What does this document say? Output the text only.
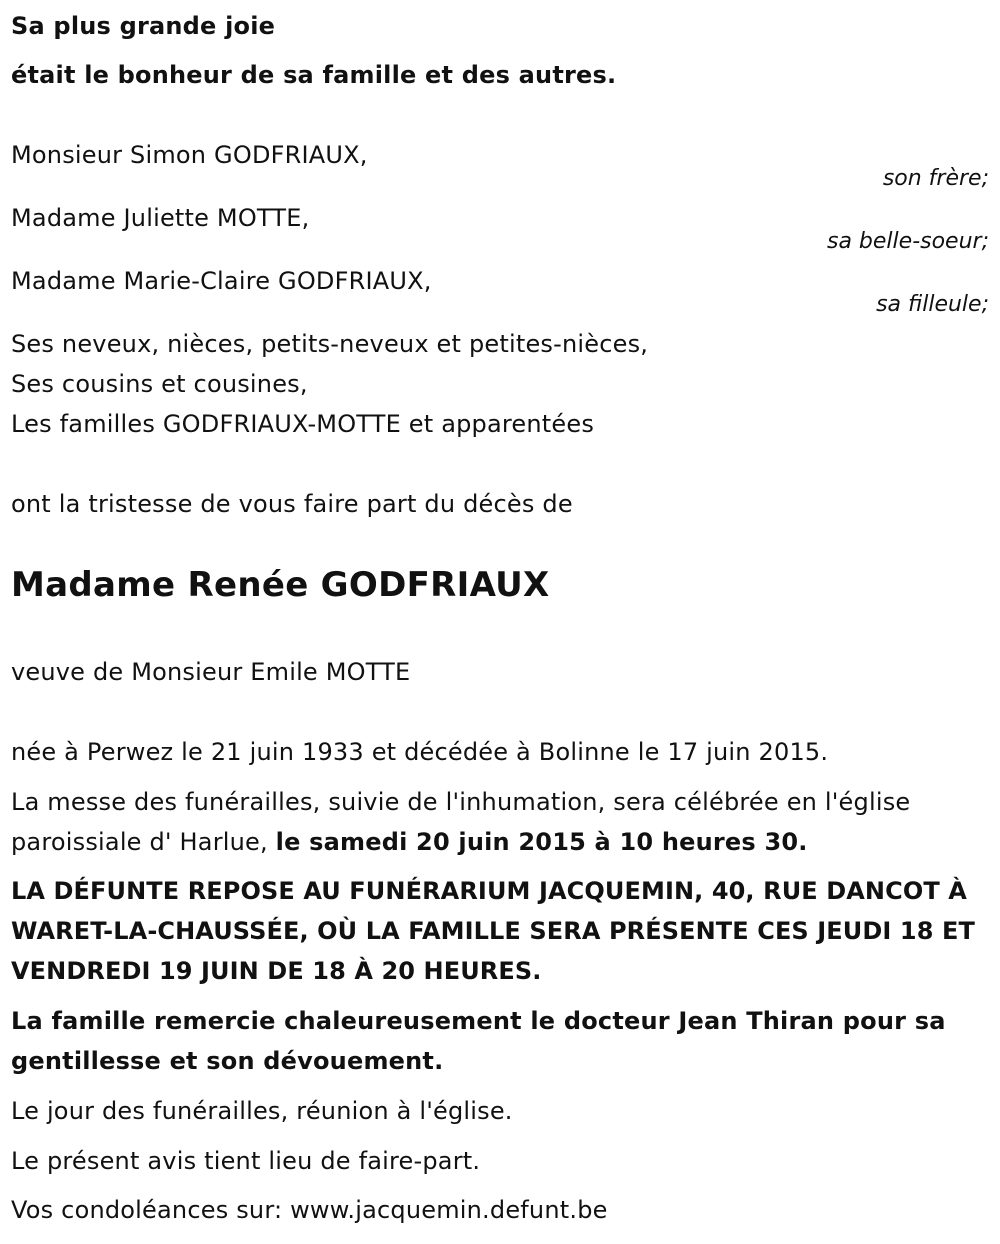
Sa plus grande joie
était le bonheur de sa famille et des autres.
Monsieur Simon GODFRIAUX,
son frère;
Madame Juliette MOTTE,
sa belle-soeur;
Madame Marie-Claire GODFRIAUX,
sa filleule;
Ses neveux, nièces, petits-neveux et petites-nièces,
Ses cousins et cousines,
Les familles GODFRIAUX-MOTTE et apparentées
ont la tristesse de vous faire part du décès de
Madame Renée GODFRIAUX
veuve de Monsieur Emile MOTTE
née à Perwez le 21 juin 1933 et décédée à Bolinne le 17 juin 2015.
La messe des funérailles, suivie de l'inhumation, sera célébrée en l'église
paroissiale d' Harlue, le samedi 20 juin 2015 à 10 heures 30.
LA DÉFUNTE REPOSE AU FUNÉRARIUM JACQUEMIN, 40, RUE DANCOT À
WARET-LA-CHAUSSÉE, OÙ LA FAMILLE SERA PRÉSENTE CES JEUDI 18 ET
VENDREDI 19 JUIN DE 18 À 20 HEURES.
La famille remercie chaleureusement le docteur Jean Thiran pour sa
gentillesse et son dévouement.
Le jour des funérailles, réunion à l'église.
Le présent avis tient lieu de faire-part.
Vos condoléances sur: www.jacquemin.defunt.be
